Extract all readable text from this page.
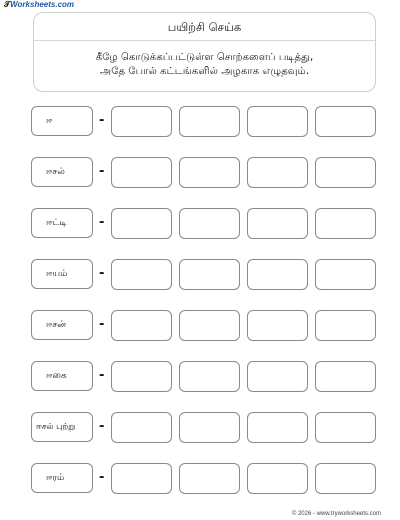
𝒯Worksheets.com
பயிற்சி செய்க
கீழே கொடுக்கப்பட்டுள்ள சொற்களைப் படித்து,
அதே போல் கட்டங்களில் அழகாக எழுதவும்.
ஈ	-
ஈசல்	-
ஈட்டி	-
ஈயம்	-
ஈசன்	-
ஈகை	-
ஈசல் புற்று	-
ஈரம்	-
© 2026 - www.tryworksheets.com
